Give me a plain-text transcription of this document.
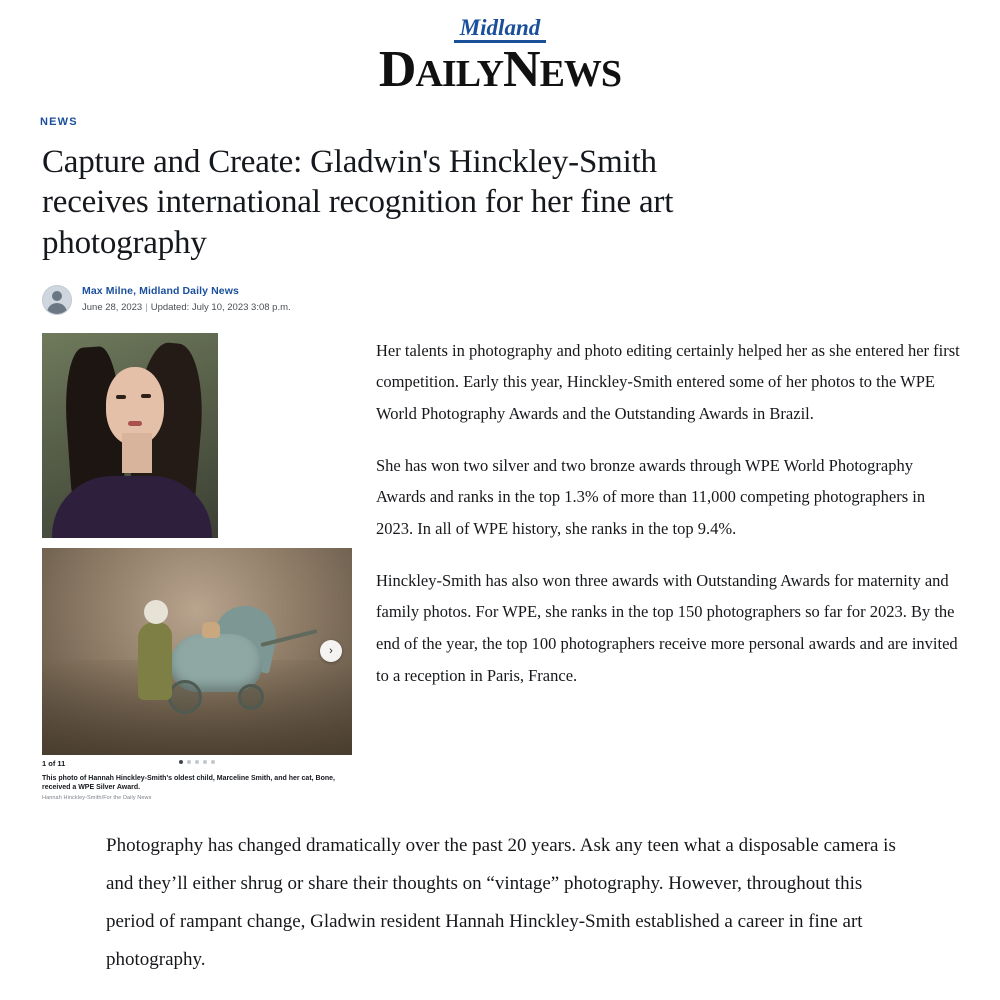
Midland
DAILYNEWS
NEWS
Capture and Create: Gladwin's Hinckley-Smith receives international recognition for her fine art photography
Max Milne, Midland Daily News
June 28, 2023 | Updated: July 10, 2023 3:08 p.m.
›
1 of 11
This photo of Hannah Hinckley-Smith's oldest child, Marceline Smith, and her cat, Bone, received a WPE Silver Award.
Hannah Hinckley-Smith/For the Daily News

Her talents in photography and photo editing certainly helped her as she entered her first competition. Early this year, Hinckley-Smith entered some of her photos to the WPE World Photography Awards and the Outstanding Awards in Brazil.

She has won two silver and two bronze awards through WPE World Photography Awards and ranks in the top 1.3% of more than 11,000 competing photographers in 2023. In all of WPE history, she ranks in the top 9.4%.

Hinckley-Smith has also won three awards with Outstanding Awards for maternity and family photos. For WPE, she ranks in the top 150 photographers so far for 2023. By the end of the year, the top 100 photographers receive more personal awards and are invited to a reception in Paris, France.

Photography has changed dramatically over the past 20 years. Ask any teen what a disposable camera is and they’ll either shrug or share their thoughts on “vintage” photography. However, throughout this period of rampant change, Gladwin resident Hannah Hinckley-Smith established a career in fine art photography.
